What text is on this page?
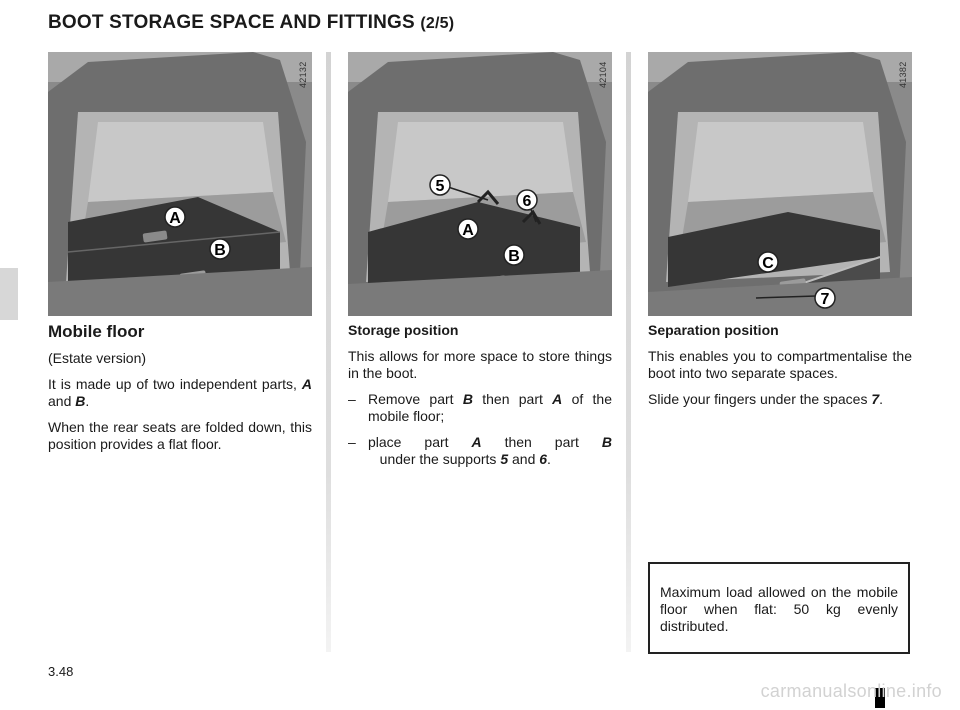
BOOT STORAGE SPACE AND FITTINGS (2/5)
A
B
42132
5
6
A
B
42104
C
7
41382

Mobile floor

(Estate version)

It is made up of two independent parts, A and B.

When the rear seats are folded down, this position provides a flat floor.

Storage position

This allows for more space to store things in the boot.

– Remove part B then part A of the mobile floor;

– place part A then part B   under the supports 5 and 6.

Separation position

This enables you to compartmentalise the boot into two separate spaces.

Slide your fingers under the spaces 7.

Maximum load allowed on the mobile floor when flat: 50 kg evenly distributed.
3.48
carmanualsonline.info
